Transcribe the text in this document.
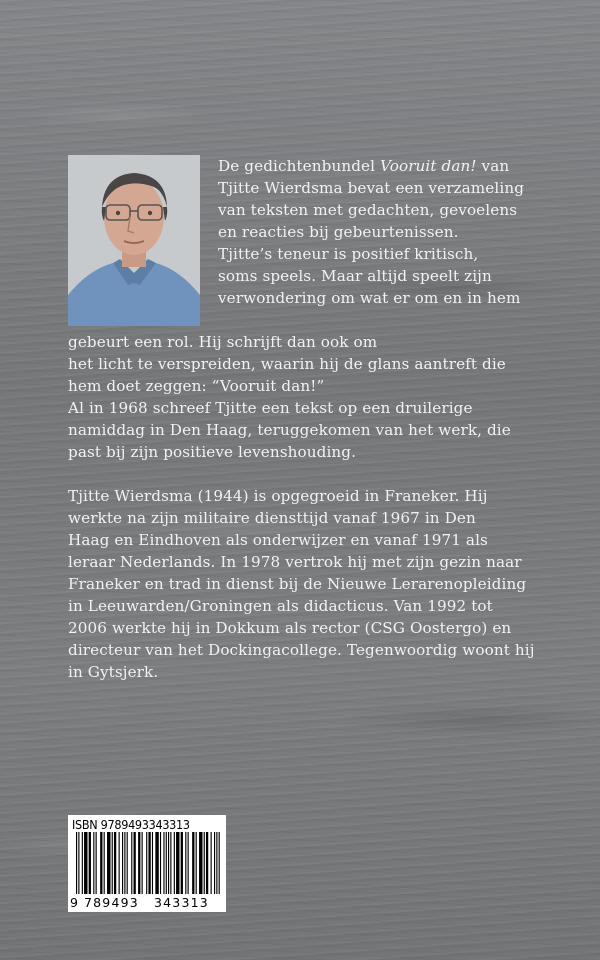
De gedichtenbundel Vooruit dan! van
Tjitte Wierdsma bevat een verzameling
van teksten met gedachten, gevoelens
en reacties bij gebeurtenissen.
Tjitte’s teneur is positief kritisch,
soms speels. Maar altijd speelt zijn
verwondering om wat er om en in hem

gebeurt een rol. Hij schrijft dan ook om
het licht te verspreiden, waarin hij de glans aantreft die
hem doet zeggen: “Vooruit dan!”

Al in 1968 schreef Tjitte een tekst op een druilerige
namiddag in Den Haag, teruggekomen van het werk, die
past bij zijn positieve levenshouding.

Tjitte Wierdsma (1944) is opgegroeid in Franeker. Hij
werkte na zijn militaire diensttijd vanaf 1967 in Den
Haag en Eindhoven als onderwijzer en vanaf 1971 als
leraar Nederlands. In 1978 vertrok hij met zijn gezin naar
Franeker en trad in dienst bij de Nieuwe Lerarenopleiding
in Leeuwarden/Groningen als didacticus. Van 1992 tot
2006 werkte hij in Dokkum als rector (CSG Oostergo) en
directeur van het Dockingacollege. Tegenwoordig woont hij
in Gytsjerk.

ISBN 9789493343313
9 789493 343313
